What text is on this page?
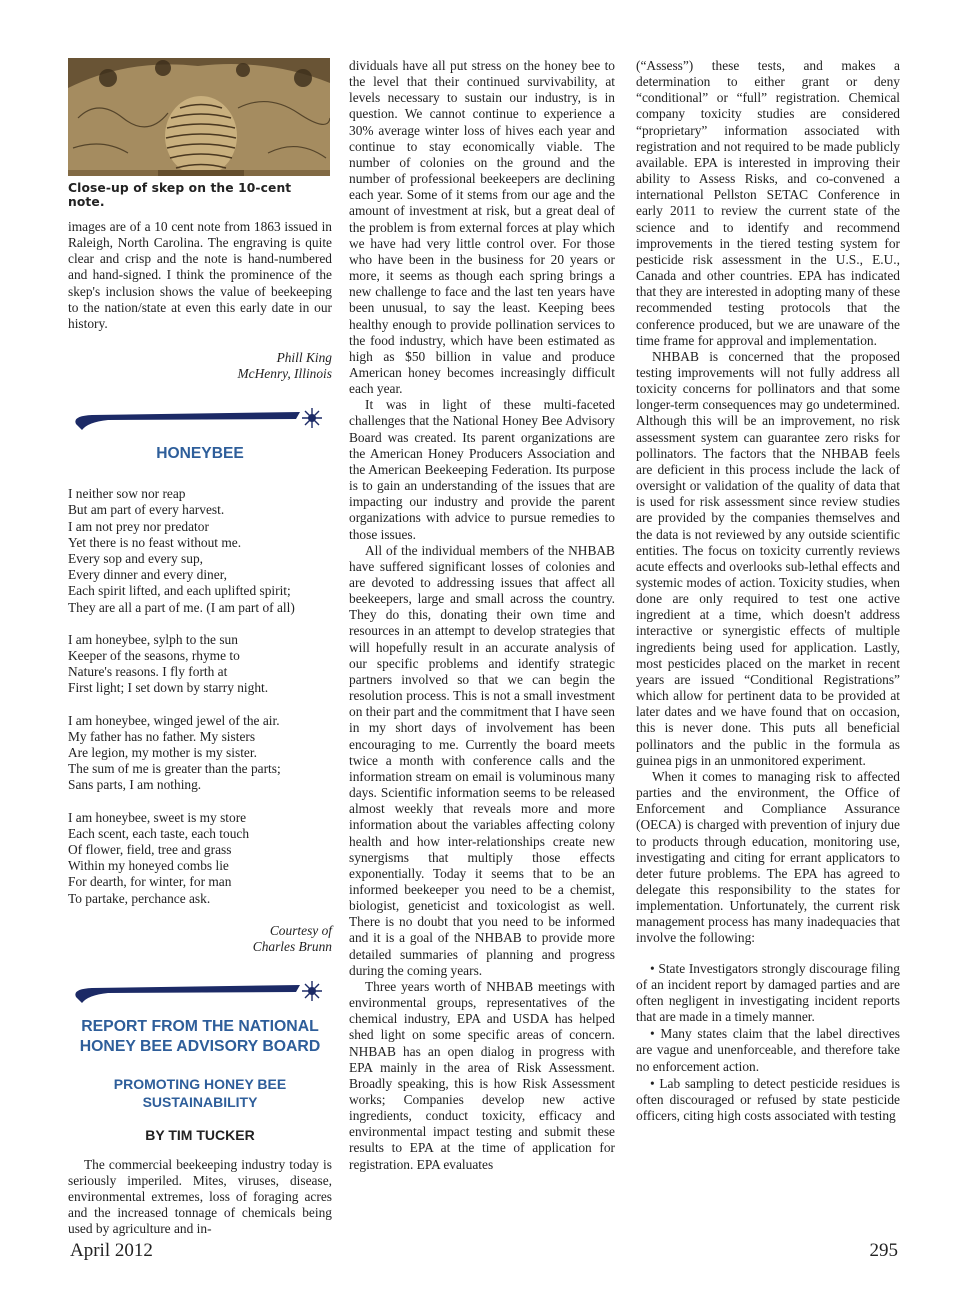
Close-up of skep on the 10-cent note.

images are of a 10 cent note from 1863 issued in Raleigh, North Carolina. The engraving is quite clear and crisp and the note is hand-numbered and hand-signed. I think the prominence of the skep's inclusion shows the value of beekeeping to the nation/state at even this early date in our history.

Phill King
McHenry, Illinois
HONEYBEE
I neither sow nor reap
But am part of every harvest.
I am not prey nor predator
Yet there is no feast without me.
Every sop and every sup,
Every dinner and every diner,
Each spirit lifted, and each uplifted spirit;
They are all a part of me. (I am part of all)
I am honeybee, sylph to the sun
Keeper of the seasons, rhyme to
Nature's reasons. I fly forth at
First light; I set down by starry night.
I am honeybee, winged jewel of the air.
My father has no father. My sisters
Are legion, my mother is my sister.
The sum of me is greater than the parts;
Sans parts, I am nothing.
I am honeybee, sweet is my store
Each scent, each taste, each touch
Of flower, field, tree and grass
Within my honeyed combs lie
For dearth, for winter, for man
To partake, perchance ask.
Courtesy of
Charles Brunn
REPORT FROM THE NATIONAL HONEY BEE ADVISORY BOARD
PROMOTING HONEY BEE SUSTAINABILITY
BY TIM TUCKER

The commercial beekeeping industry today is seriously imperiled. Mites, viruses, disease, environmental extremes, loss of foraging acres and the increased tonnage of chemicals being used by agriculture and in-

dividuals have all put stress on the honey bee to the level that their continued survivability, at levels necessary to sustain our industry, is in question. We cannot continue to experience a 30% average winter loss of hives each year and continue to stay economically viable. The number of colonies on the ground and the number of professional beekeepers are declining each year. Some of it stems from our age and the amount of investment at risk, but a great deal of the problem is from external forces at play which we have had very little control over. For those who have been in the business for 20 years or more, it seems as though each spring brings a new challenge to face and the last ten years have been unusual, to say the least. Keeping bees healthy enough to provide pollination services to the food industry, which have been estimated as high as $50 billion in value and produce American honey becomes increasingly difficult each year.

It was in light of these multi-faceted challenges that the National Honey Bee Advisory Board was created. Its parent organizations are the American Honey Producers Association and the American Beekeeping Federation. Its purpose is to gain an understanding of the issues that are impacting our industry and provide the parent organizations with advice to pursue remedies to those issues.

All of the individual members of the NHBAB have suffered significant losses of colonies and are devoted to addressing issues that affect all beekeepers, large and small across the country. They do this, donating their own time and resources in an attempt to develop strategies that will hopefully result in an accurate analysis of our specific problems and identify strategic partners involved so that we can begin the resolution process. This is not a small investment on their part and the commitment that I have seen in my short days of involvement has been encouraging to me. Currently the board meets twice a month with conference calls and the information stream on email is voluminous many days. Scientific information seems to be released almost weekly that reveals more and more information about the variables affecting colony health and how inter-relationships create new synergisms that multiply those effects exponentially. Today it seems that to be an informed beekeeper you need to be a chemist, biologist, geneticist and toxicologist as well. There is no doubt that you need to be informed and it is a goal of the NHBAB to provide more detailed summaries of planning and progress during the coming years.

Three years worth of NHBAB meetings with environmental groups, representatives of the chemical industry, EPA and USDA has helped shed light on some specific areas of concern. NHBAB has an open dialog in progress with EPA mainly in the area of Risk Assessment. Broadly speaking, this is how Risk Assessment works; Companies develop new active ingredients, conduct toxicity, efficacy and environmental impact testing and submit these results to EPA at the time of application for registration. EPA evaluates

(“Assess”) these tests, and makes a determination to either grant or deny “conditional” or “full” registration. Chemical company toxicity studies are considered “proprietary” information associated with registration and not required to be made publicly available. EPA is interested in improving their ability to Assess Risks, and co-convened a international Pellston SETAC Conference in early 2011 to review the current state of the science and to identify and recommend improvements in the tiered testing system for pesticide risk assessment in the U.S., E.U., Canada and other countries. EPA has indicated that they are interested in adopting many of these recommended testing protocols that the conference produced, but we are unaware of the time frame for approval and implementation.

NHBAB is concerned that the proposed testing improvements will not fully address all toxicity concerns for pollinators and that some longer-term consequences may go undetermined. Although this will be an improvement, no risk assessment system can guarantee zero risks for pollinators. The factors that the NHBAB feels are deficient in this process include the lack of oversight or validation of the quality of data that is used for risk assessment since review studies are provided by the companies themselves and the data is not reviewed by any outside scientific entities. The focus on toxicity currently reviews acute effects and overlooks sub-lethal effects and systemic modes of action. Toxicity studies, when done are only required to test one active ingredient at a time, which doesn't address interactive or synergistic effects of multiple ingredients being used for application. Lastly, most pesticides placed on the market in recent years are issued “Conditional Registrations” which allow for pertinent data to be provided at later dates and we have found that on occasion, this is never done. This puts all beneficial pollinators and the public in the formula as guinea pigs in an unmonitored experiment.

When it comes to managing risk to affected parties and the environment, the Office of Enforcement and Compliance Assurance (OECA) is charged with prevention of injury due to products through education, monitoring use, investigating and citing for errant applicators to deter future problems. The EPA has agreed to delegate this responsibility to the states for implementation. Unfortunately, the current risk management process has many inadequacies that involve the following:

• State Investigators strongly discourage filing of an incident report by damaged parties and are often negligent in investigating incident reports that are made in a timely manner.
• Many states claim that the label directives are vague and unenforceable, and therefore take no enforcement action.
• Lab sampling to detect pesticide residues is often discouraged or refused by state pesticide officers, citing high costs associated with testing
April 2012	295
